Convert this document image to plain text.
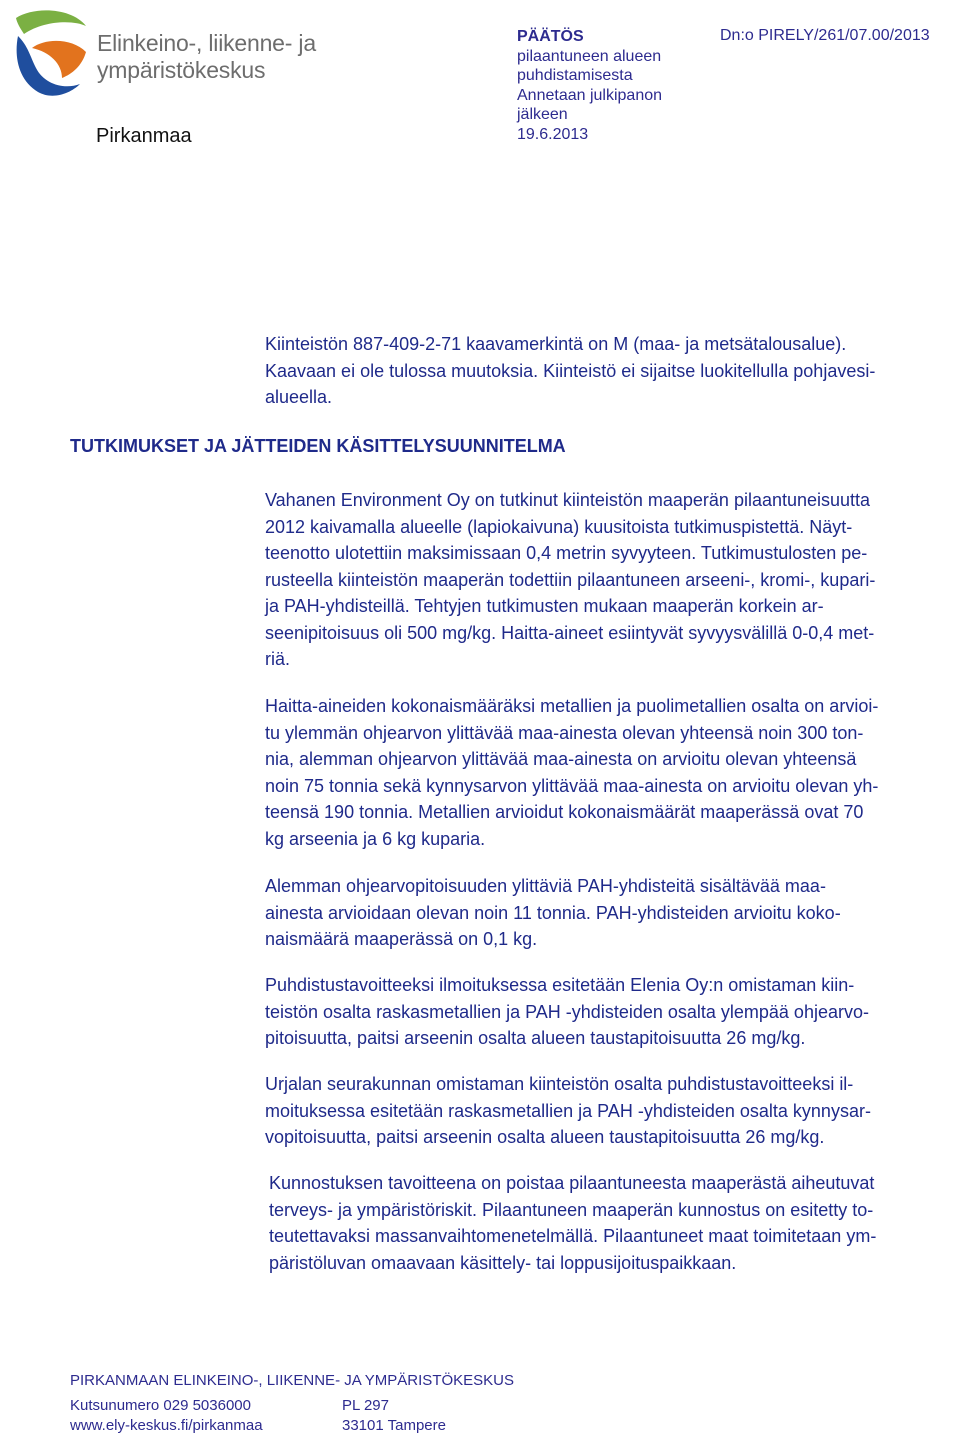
Elinkeino-, liikenne- ja
ympäristökeskus
Pirkanmaa
PÄÄTÖS
pilaantuneen alueen
puhdistamisesta
Annetaan julkipanon
jälkeen
19.6.2013
Dn:o PIRELY/261/07.00/2013
Kiinteistön 887-409-2-71 kaavamerkintä on M (maa- ja metsätalousalue).
Kaavaan ei ole tulossa muutoksia. Kiinteistö ei sijaitse luokitellulla pohjavesi-
alueella.
TUTKIMUKSET JA JÄTTEIDEN KÄSITTELYSUUNNITELMA
Vahanen Environment Oy on tutkinut kiinteistön maaperän pilaantuneisuutta
2012 kaivamalla alueelle (lapiokaivuna) kuusitoista tutkimuspistettä. Näyt-
teenotto ulotettiin maksimissaan 0,4 metrin syvyyteen. Tutkimustulosten pe-
rusteella kiinteistön maaperän todettiin pilaantuneen arseeni-, kromi-, kupari-
ja PAH-yhdisteillä. Tehtyjen tutkimusten mukaan maaperän korkein ar-
seenipitoisuus oli 500 mg/kg. Haitta-aineet esiintyvät syvyysvälillä 0-0,4 met-
riä.
Haitta-aineiden kokonaismääräksi metallien ja puolimetallien osalta on arvioi-
tu ylemmän ohjearvon ylittävää maa-ainesta olevan yhteensä noin 300 ton-
nia, alemman ohjearvon ylittävää maa-ainesta on arvioitu olevan yhteensä
noin 75 tonnia sekä kynnysarvon ylittävää maa-ainesta on arvioitu olevan yh-
teensä 190 tonnia. Metallien arvioidut kokonaismäärät maaperässä ovat 70
kg arseenia ja 6 kg kuparia.
Alemman ohjearvopitoisuuden ylittäviä PAH-yhdisteitä sisältävää maa-
ainesta arvioidaan olevan noin 11 tonnia. PAH-yhdisteiden arvioitu koko-
naismäärä maaperässä on 0,1 kg.
Puhdistustavoitteeksi ilmoituksessa esitetään Elenia Oy:n omistaman kiin-
teistön osalta raskasmetallien ja PAH -yhdisteiden osalta ylempää ohjearvo-
pitoisuutta, paitsi arseenin osalta alueen taustapitoisuutta 26 mg/kg.
Urjalan seurakunnan omistaman kiinteistön osalta puhdistustavoitteeksi il-
moituksessa esitetään raskasmetallien ja PAH -yhdisteiden osalta kynnysar-
vopitoisuutta, paitsi arseenin osalta alueen taustapitoisuutta 26 mg/kg.
Kunnostuksen tavoitteena on poistaa pilaantuneesta maaperästä aiheutuvat
terveys- ja ympäristöriskit. Pilaantuneen maaperän kunnostus on esitetty to-
teutettavaksi massanvaihtomenetelmällä. Pilaantuneet maat toimitetaan ym-
päristöluvan omaavaan käsittely- tai loppusijoituspaikkaan.
PIRKANMAAN ELINKEINO-, LIIKENNE- JA YMPÄRISTÖKESKUS
Kutsunumero 029 5036000
www.ely-keskus.fi/pirkanmaa
PL 297
33101 Tampere
